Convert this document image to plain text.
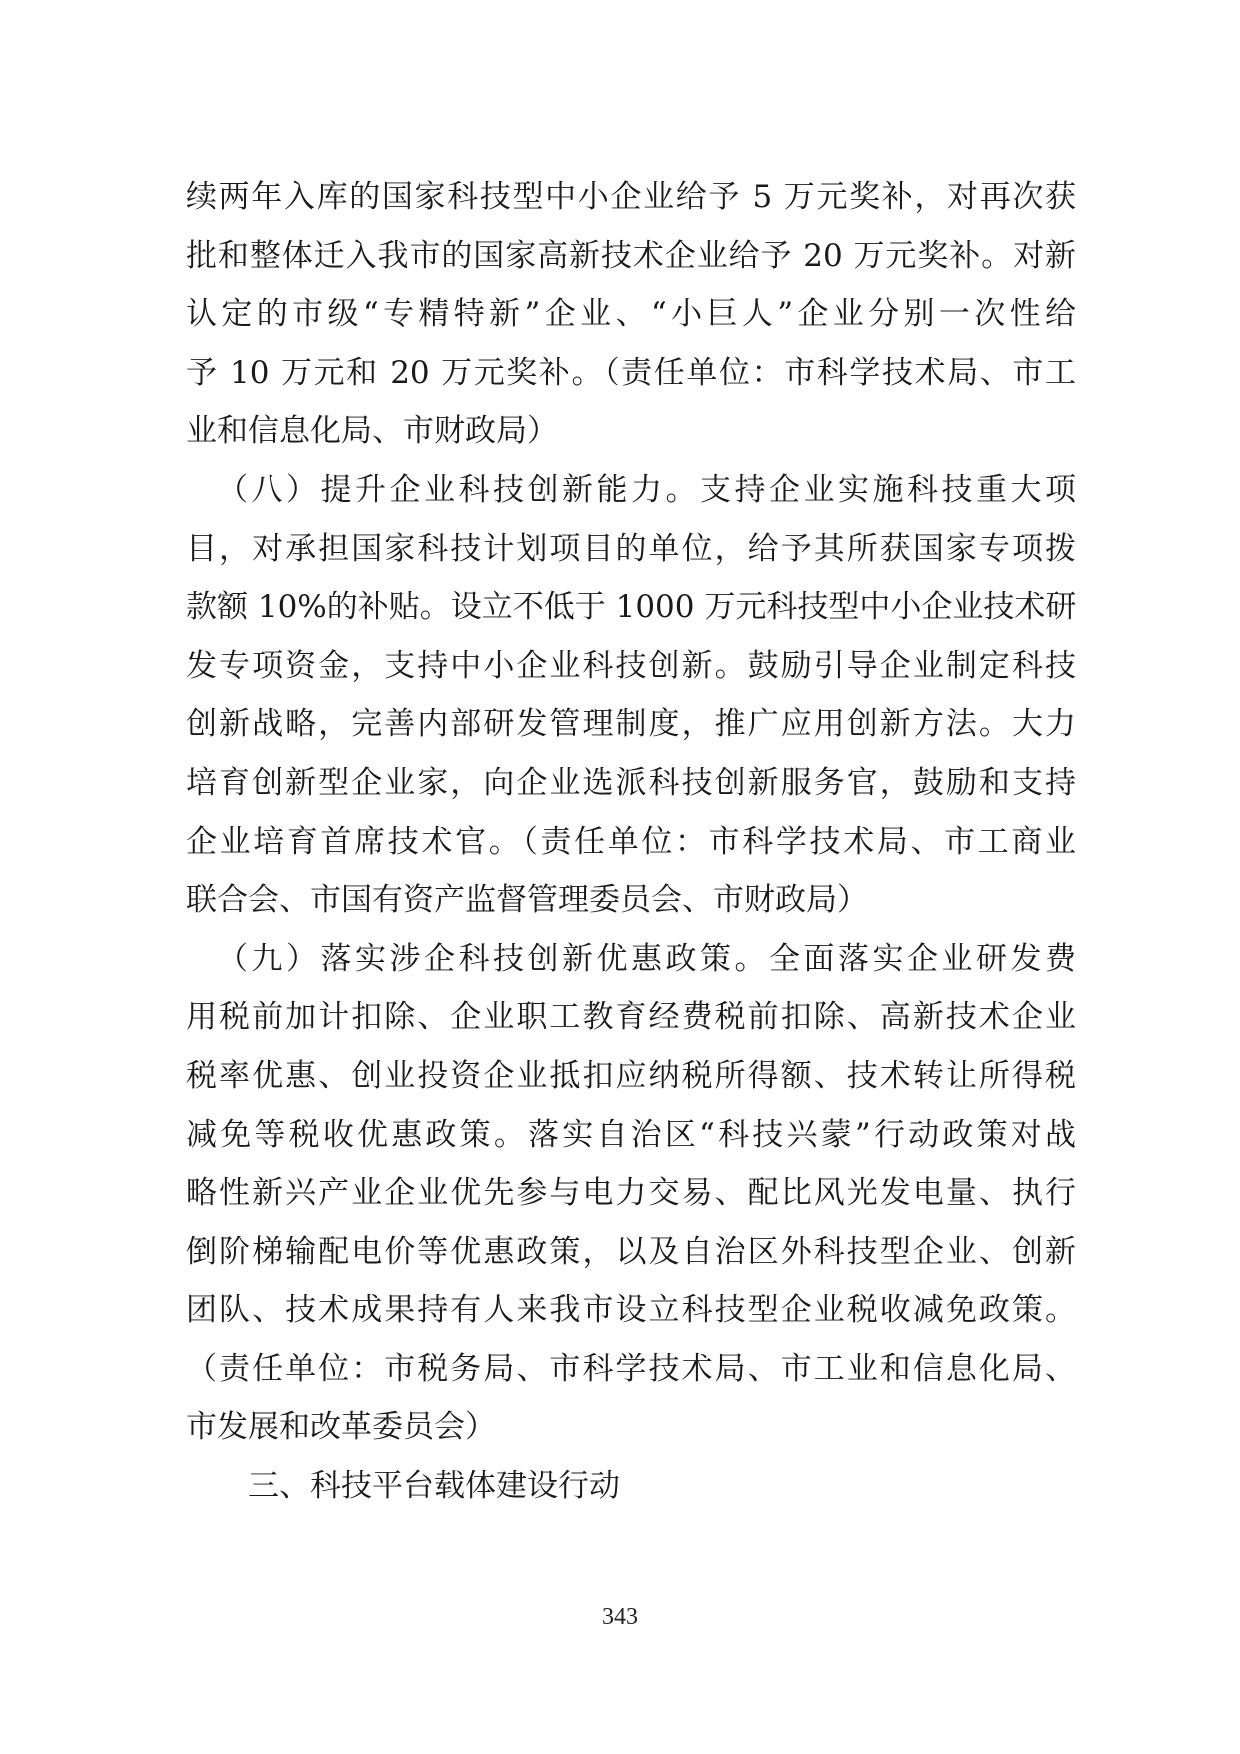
续两年入库的国家科技型中小企业给予 5 万元奖补，对再次获
批和整体迁入我市的国家高新技术企业给予 20 万元奖补。对新
认定的市级“专精特新”企业、“小巨人”企业分别一次性给
予 10 万元和 20 万元奖补。（责任单位：市科学技术局、市工
业和信息化局、市财政局）
（八）提升企业科技创新能力。支持企业实施科技重大项
目，对承担国家科技计划项目的单位，给予其所获国家专项拨
款额 10%的补贴。设立不低于 1000 万元科技型中小企业技术研
发专项资金，支持中小企业科技创新。鼓励引导企业制定科技
创新战略，完善内部研发管理制度，推广应用创新方法。大力
培育创新型企业家，向企业选派科技创新服务官，鼓励和支持
企业培育首席技术官。（责任单位：市科学技术局、市工商业
联合会、市国有资产监督管理委员会、市财政局）
（九）落实涉企科技创新优惠政策。全面落实企业研发费
用税前加计扣除、企业职工教育经费税前扣除、高新技术企业
税率优惠、创业投资企业抵扣应纳税所得额、技术转让所得税
减免等税收优惠政策。落实自治区“科技兴蒙”行动政策对战
略性新兴产业企业优先参与电力交易、配比风光发电量、执行
倒阶梯输配电价等优惠政策，以及自治区外科技型企业、创新
团队、技术成果持有人来我市设立科技型企业税收减免政策。
（责任单位：市税务局、市科学技术局、市工业和信息化局、
市发展和改革委员会）
三、科技平台载体建设行动
343
